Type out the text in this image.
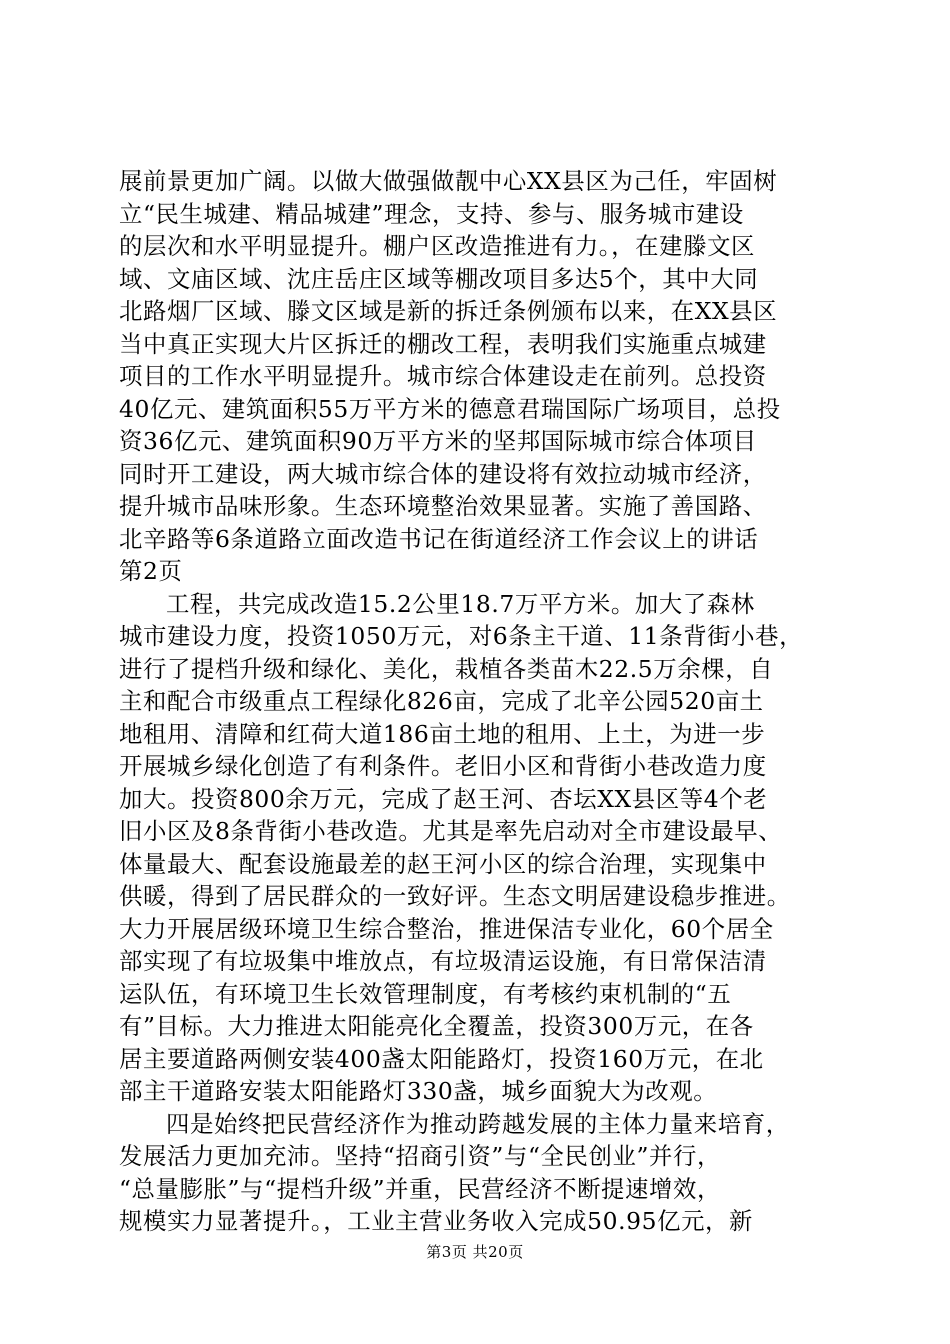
展前景更加广阔。以做大做强做靓中心XX县区为己任，牢固树
立“民生城建、精品城建”理念，支持、参与、服务城市建设
的层次和水平明显提升。棚户区改造推进有力。，在建滕文区
域、文庙区域、沈庄岳庄区域等棚改项目多达5个，其中大同
北路烟厂区域、滕文区域是新的拆迁条例颁布以来，在XX县区
当中真正实现大片区拆迁的棚改工程，表明我们实施重点城建
项目的工作水平明显提升。城市综合体建设走在前列。总投资
40亿元、建筑面积55万平方米的德意君瑞国际广场项目，总投
资36亿元、建筑面积90万平方米的坚邦国际城市综合体项目
同时开工建设，两大城市综合体的建设将有效拉动城市经济，
提升城市品味形象。生态环境整治效果显著。实施了善国路、
北辛路等6条道路立面改造书记在街道经济工作会议上的讲话
第2页
工程，共完成改造15.2公里18.7万平方米。加大了森林
城市建设力度，投资1050万元，对6条主干道、11条背街小巷，
进行了提档升级和绿化、美化，栽植各类苗木22.5万余棵，自
主和配合市级重点工程绿化826亩，完成了北辛公园520亩土
地租用、清障和红荷大道186亩土地的租用、上土，为进一步
开展城乡绿化创造了有利条件。老旧小区和背街小巷改造力度
加大。投资800余万元，完成了赵王河、杏坛XX县区等4个老
旧小区及8条背街小巷改造。尤其是率先启动对全市建设最早、
体量最大、配套设施最差的赵王河小区的综合治理，实现集中
供暖，得到了居民群众的一致好评。生态文明居建设稳步推进。
大力开展居级环境卫生综合整治，推进保洁专业化，60个居全
部实现了有垃圾集中堆放点，有垃圾清运设施，有日常保洁清
运队伍，有环境卫生长效管理制度，有考核约束机制的“五
有”目标。大力推进太阳能亮化全覆盖，投资300万元，在各
居主要道路两侧安装400盏太阳能路灯，投资160万元，在北
部主干道路安装太阳能路灯330盏，城乡面貌大为改观。
四是始终把民营经济作为推动跨越发展的主体力量来培育，
发展活力更加充沛。坚持“招商引资”与“全民创业”并行，
“总量膨胀”与“提档升级”并重，民营经济不断提速增效，
规模实力显著提升。，工业主营业务收入完成50.95亿元，新
第3页 共20页
